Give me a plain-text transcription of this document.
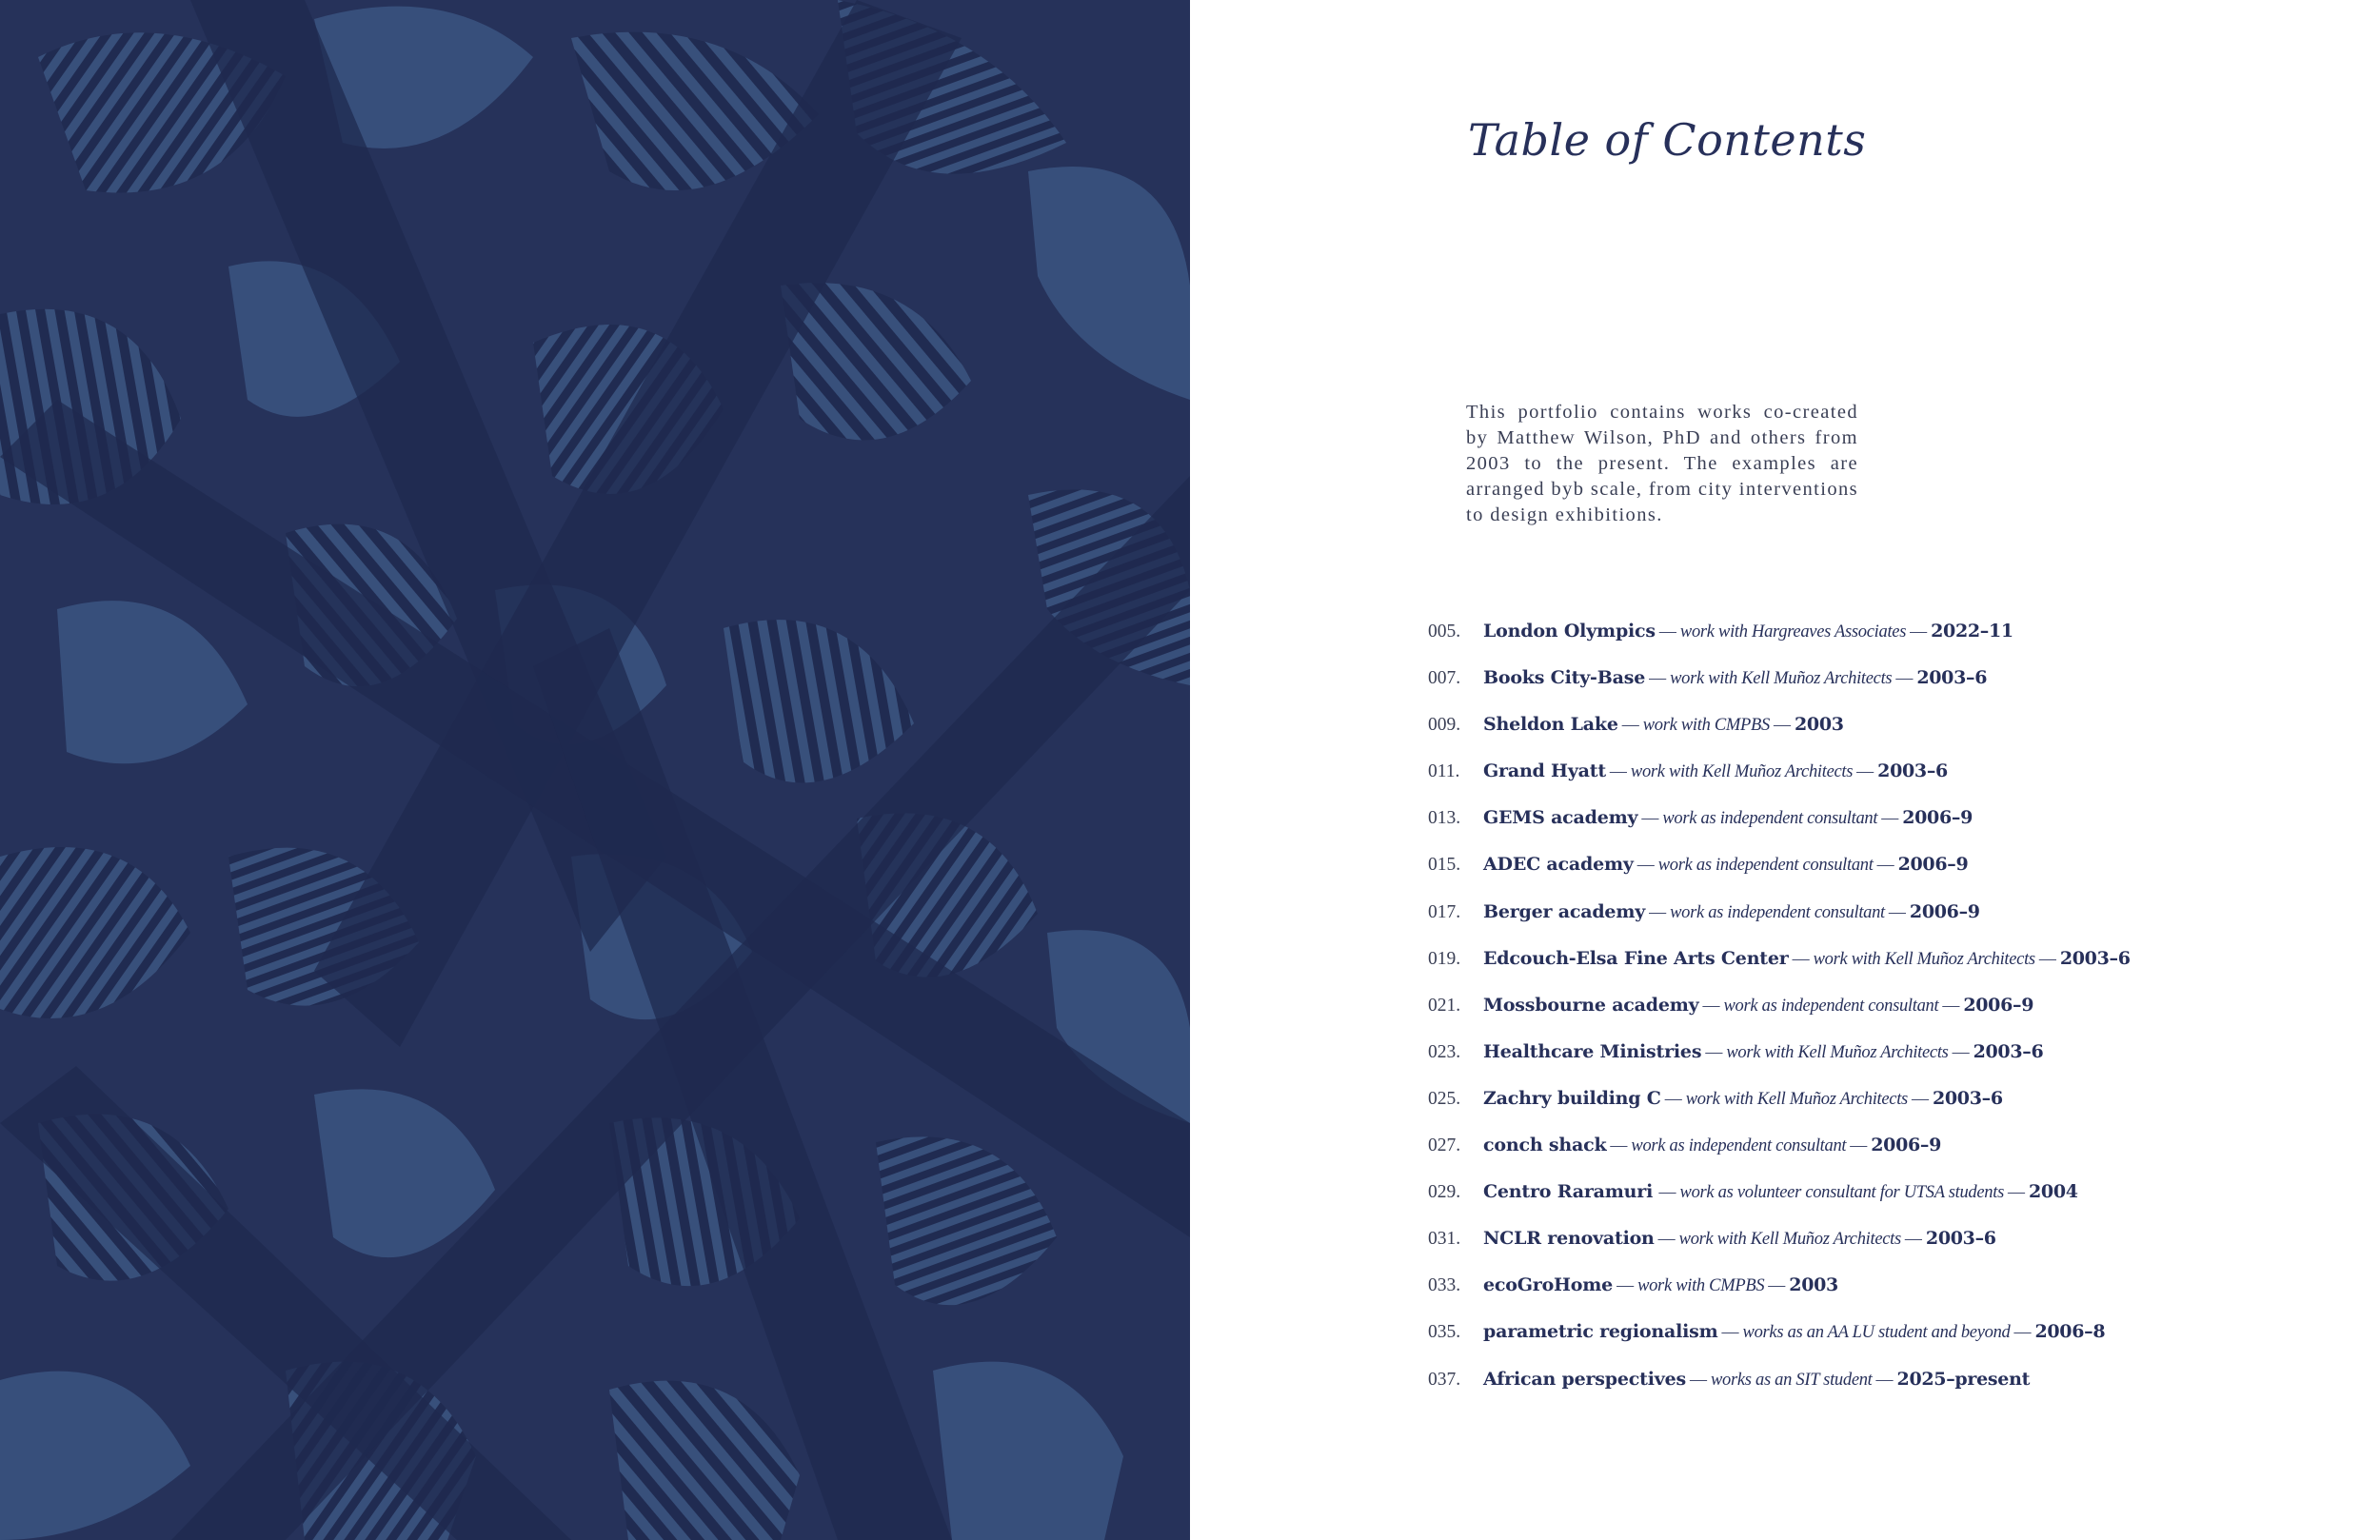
Table of Contents

This portfolio contains works co-created by Matthew Wilson, PhD and others from 2003 to the present. The examples are arranged byb scale, from city interventions to design exhibitions.

005. London Olympics — work with Hargreaves Associates — 2022–11
007. Books City-Base — work with Kell Muñoz Architects — 2003–6
009. Sheldon Lake — work with CMPBS — 2003
011. Grand Hyatt — work with Kell Muñoz Architects — 2003–6
013. GEMS academy — work as independent consultant — 2006–9
015. ADEC academy — work as independent consultant — 2006–9
017. Berger academy — work as independent consultant — 2006–9
019. Edcouch-Elsa Fine Arts Center — work with Kell Muñoz Architects — 2003–6
021. Mossbourne academy — work as independent consultant — 2006–9
023. Healthcare Ministries — work with Kell Muñoz Architects — 2003–6
025. Zachry building C — work with Kell Muñoz Architects — 2003–6
027. conch shack — work as independent consultant — 2006–9
029. Centro Raramuri — work as volunteer consultant for UTSA students — 2004
031. NCLR renovation — work with Kell Muñoz Architects — 2003–6
033. ecoGroHome — work with CMPBS — 2003
035. parametric regionalism — works as an AA LU student and beyond — 2006–8
037. African perspectives — works as an SIT student — 2025–present
